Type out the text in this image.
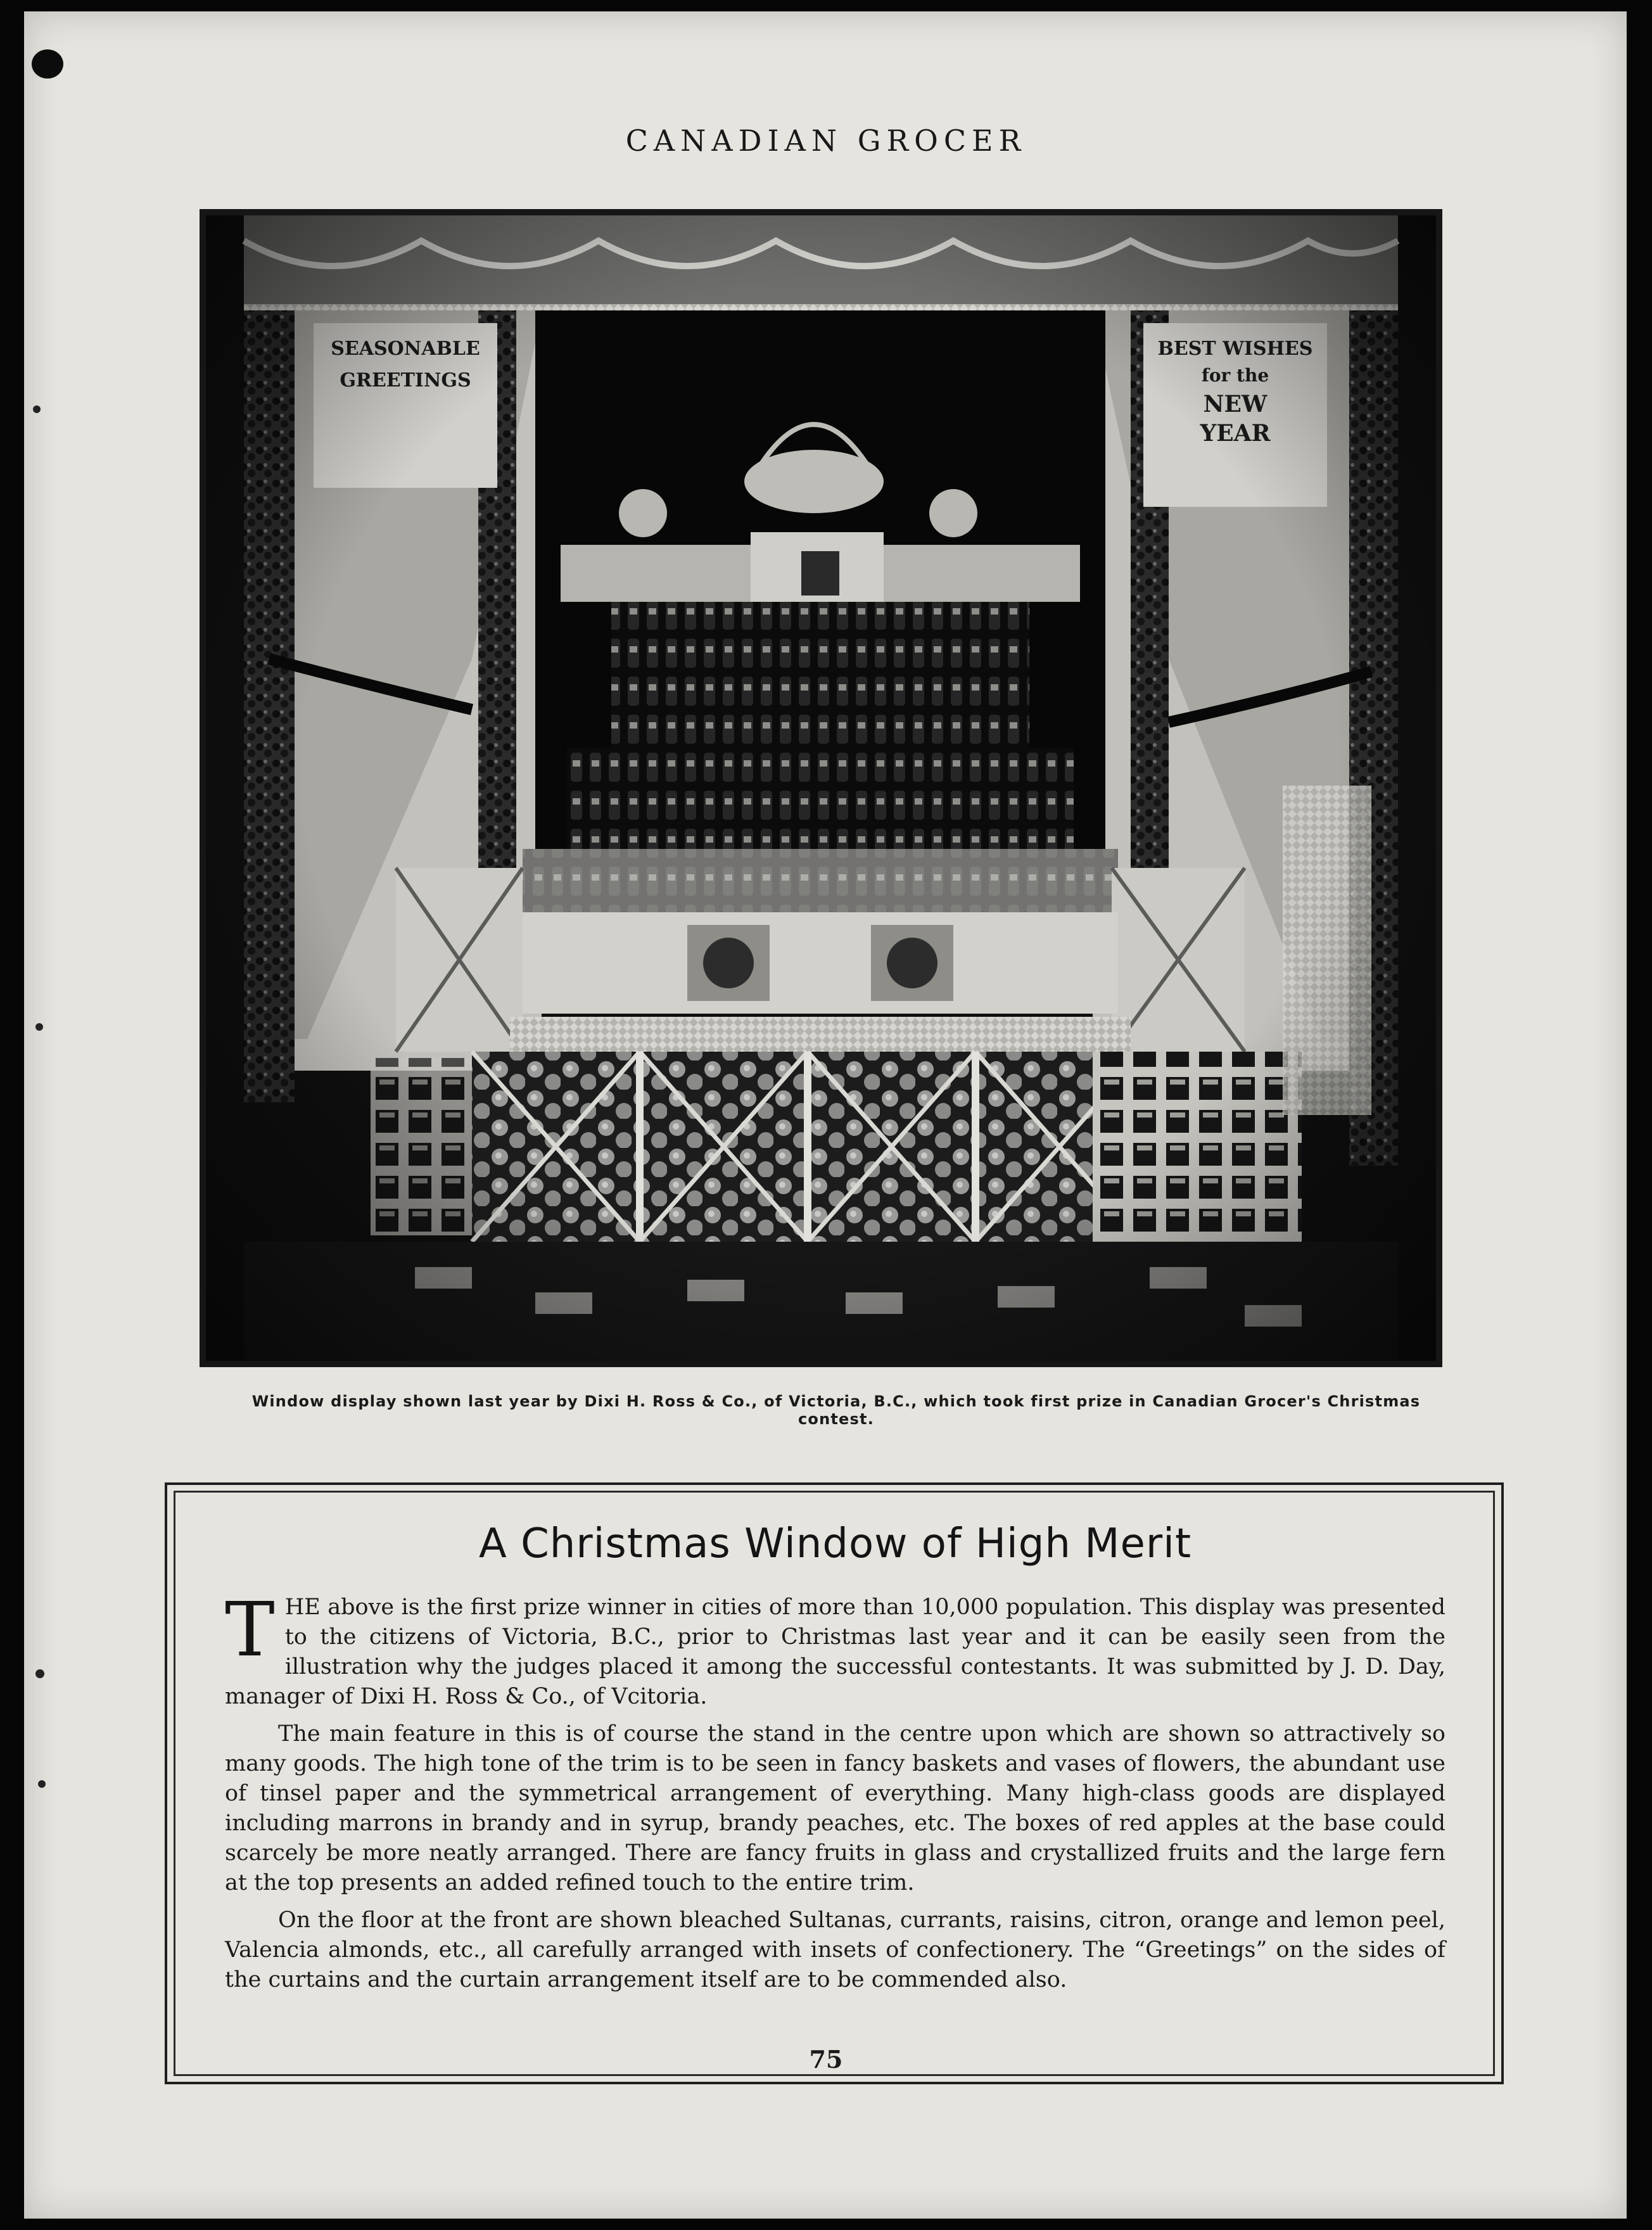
CANADIAN GROCER
Window display shown last year by Dixi H. Ross & Co., of Victoria, B.C., which took first prize in Canadian Grocer's Christmas contest.
A Christmas Window of High Merit

THE above is the first prize winner in cities of more than 10,000 population. This display was presented to the citizens of Victoria, B.C., prior to Christmas last year and it can be easily seen from the illustration why the judges placed it among the successful contestants. It was submitted by J. D. Day, manager of Dixi H. Ross & Co., of Vcitoria.

The main feature in this is of course the stand in the centre upon which are shown so attractively so many goods. The high tone of the trim is to be seen in fancy baskets and vases of flowers, the abundant use of tinsel paper and the symmetrical arrangement of everything. Many high-class goods are displayed including marrons in brandy and in syrup, brandy peaches, etc. The boxes of red apples at the base could scarcely be more neatly arranged. There are fancy fruits in glass and crystallized fruits and the large fern at the top presents an added refined touch to the entire trim.

On the floor at the front are shown bleached Sultanas, currants, raisins, citron, orange and lemon peel, Valencia almonds, etc., all carefully arranged with insets of confectionery. The “Greetings” on the sides of the curtains and the curtain arrangement itself are to be commended also.

75
